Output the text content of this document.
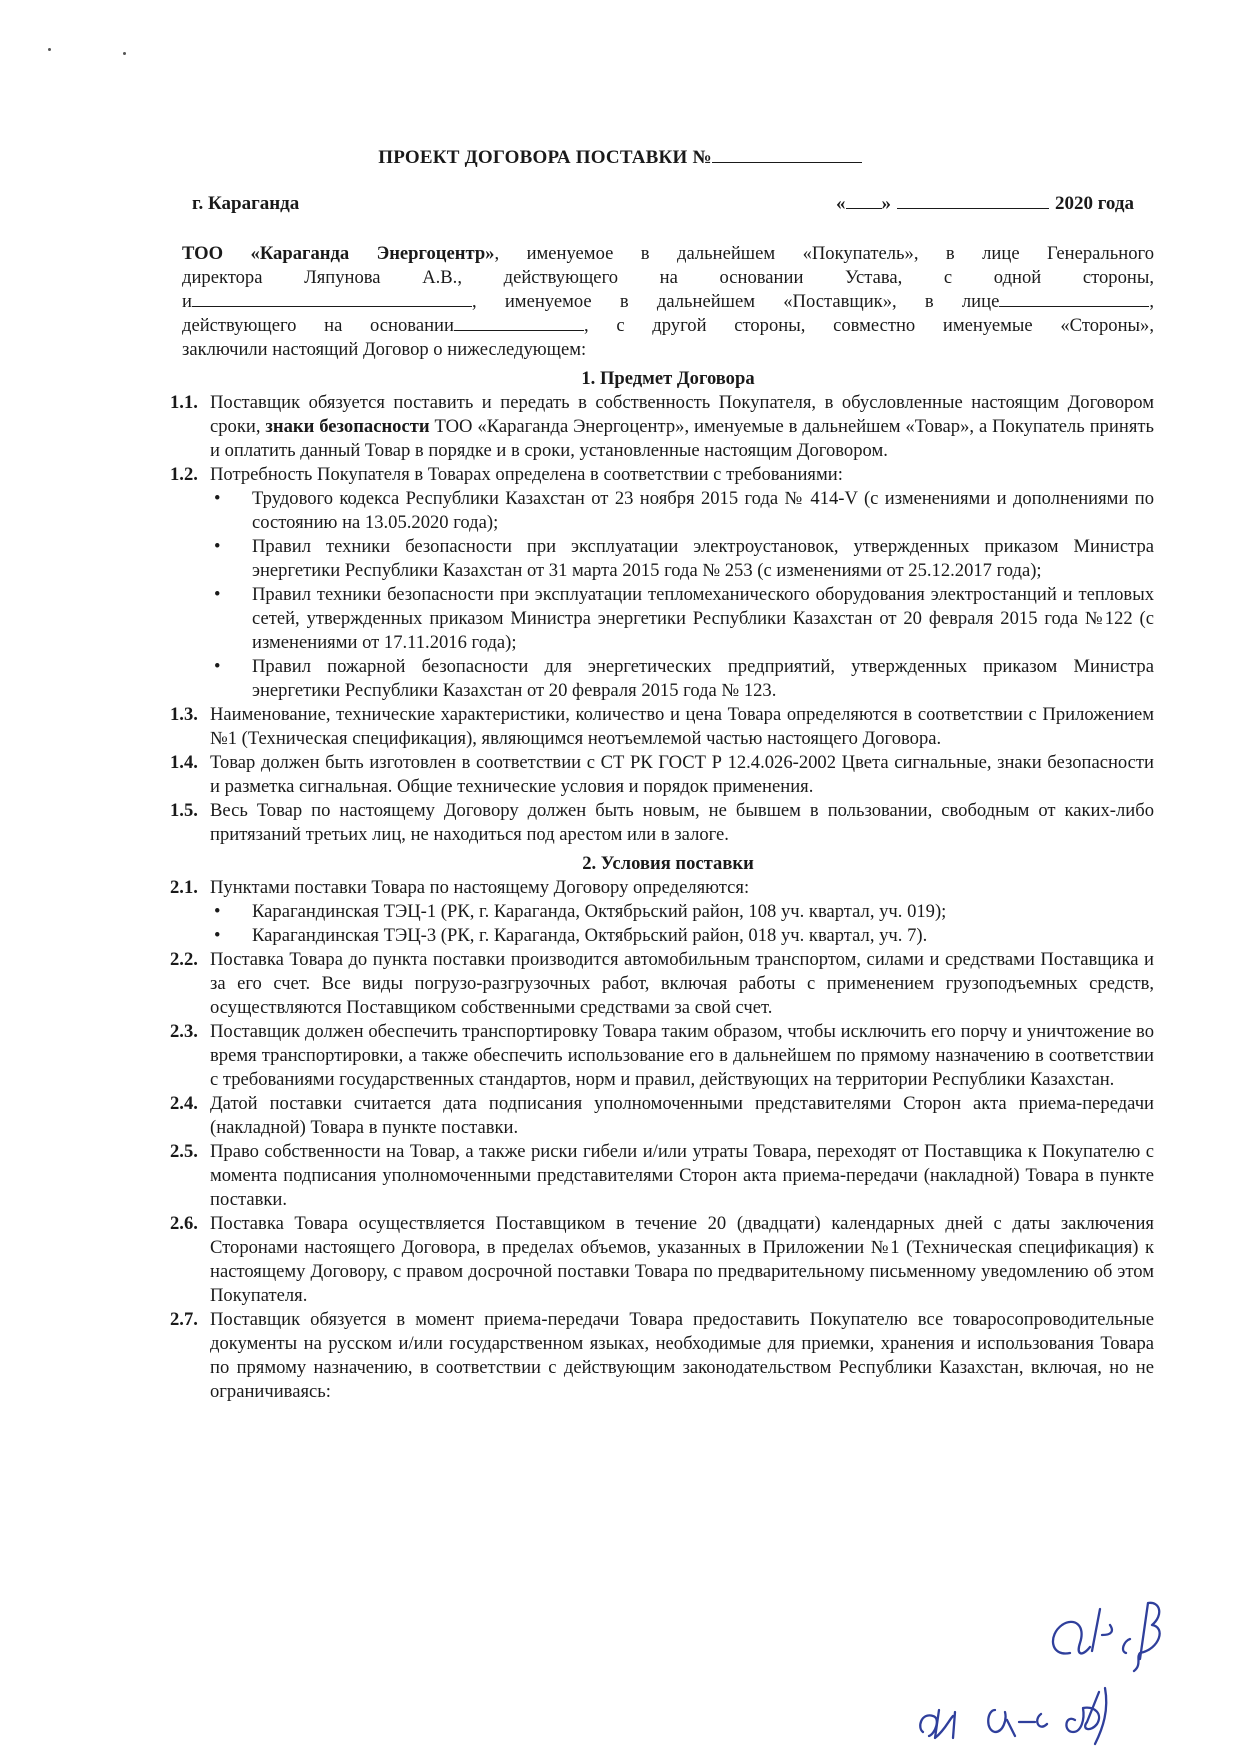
ПРОЕКТ ДОГОВОРА ПОСТАВКИ №
г. Караганда	« »	2020 года
ТОО «Караганда Энергоцентр», именуемое в дальнейшем «Покупатель», в лице Генерального
директора Ляпунова А.В., действующего на основании Устава, с одной стороны,
и	, именуемое в дальнейшем «Поставщик», в лице	,
действующего на основании	, с другой стороны, совместно именуемые «Стороны»,
заключили настоящий Договор о нижеследующем:
1. Предмет Договора
1.1. Поставщик обязуется поставить и передать в собственность Покупателя, в обусловленные настоящим Договором сроки, знаки безопасности ТОО «Караганда Энергоцентр», именуемые в дальнейшем «Товар», а Покупатель принять и оплатить данный Товар в порядке и в сроки, установленные настоящим Договором.
1.2. Потребность Покупателя в Товарах определена в соответствии с требованиями:
•	Трудового кодекса Республики Казахстан от 23 ноября 2015 года № 414-V (с изменениями и дополнениями по состоянию на 13.05.2020 года);
•	Правил техники безопасности при эксплуатации электроустановок, утвержденных приказом Министра энергетики Республики Казахстан от 31 марта 2015 года № 253 (с изменениями от 25.12.2017 года);
•	Правил техники безопасности при эксплуатации тепломеханического оборудования электростанций и тепловых сетей, утвержденных приказом Министра энергетики Республики Казахстан от 20 февраля 2015 года №122 (с изменениями от 17.11.2016 года);
•	Правил пожарной безопасности для энергетических предприятий, утвержденных приказом Министра энергетики Республики Казахстан от 20 февраля 2015 года № 123.
1.3. Наименование, технические характеристики, количество и цена Товара определяются в соответствии с Приложением №1 (Техническая спецификация), являющимся неотъемлемой частью настоящего Договора.
1.4. Товар должен быть изготовлен в соответствии с СТ РК ГОСТ Р 12.4.026-2002 Цвета сигнальные, знаки безопасности и разметка сигнальная. Общие технические условия и порядок применения.
1.5. Весь Товар по настоящему Договору должен быть новым, не бывшем в пользовании, свободным от каких-либо притязаний третьих лиц, не находиться под арестом или в залоге.
2. Условия поставки
2.1. Пунктами поставки Товара по настоящему Договору определяются:
•	Карагандинская ТЭЦ-1 (РК, г. Караганда, Октябрьский район, 108 уч. квартал, уч. 019);
•	Карагандинская ТЭЦ-3 (РК, г. Караганда, Октябрьский район, 018 уч. квартал, уч. 7).
2.2. Поставка Товара до пункта поставки производится автомобильным транспортом, силами и средствами Поставщика и за его счет. Все виды погрузо-разгрузочных работ, включая работы с применением грузоподъемных средств, осуществляются Поставщиком собственными средствами за свой счет.
2.3. Поставщик должен обеспечить транспортировку Товара таким образом, чтобы исключить его порчу и уничтожение во время транспортировки, а также обеспечить использование его в дальнейшем по прямому назначению в соответствии с требованиями государственных стандартов, норм и правил, действующих на территории Республики Казахстан.
2.4. Датой поставки считается дата подписания уполномоченными представителями Сторон акта приема-передачи (накладной) Товара в пункте поставки.
2.5. Право собственности на Товар, а также риски гибели и/или утраты Товара, переходят от Поставщика к Покупателю с момента подписания уполномоченными представителями Сторон акта приема-передачи (накладной) Товара в пункте поставки.
2.6. Поставка Товара осуществляется Поставщиком в течение 20 (двадцати) календарных дней с даты заключения Сторонами настоящего Договора, в пределах объемов, указанных в Приложении №1 (Техническая спецификация) к настоящему Договору, с правом досрочной поставки Товара по предварительному письменному уведомлению об этом Покупателя.
2.7. Поставщик обязуется в момент приема-передачи Товара предоставить Покупателю все товаросопроводительные документы на русском и/или государственном языках, необходимые для приемки, хранения и использования Товара по прямому назначению, в соответствии с действующим законодательством Республики Казахстан, включая, но не ограничиваясь:
